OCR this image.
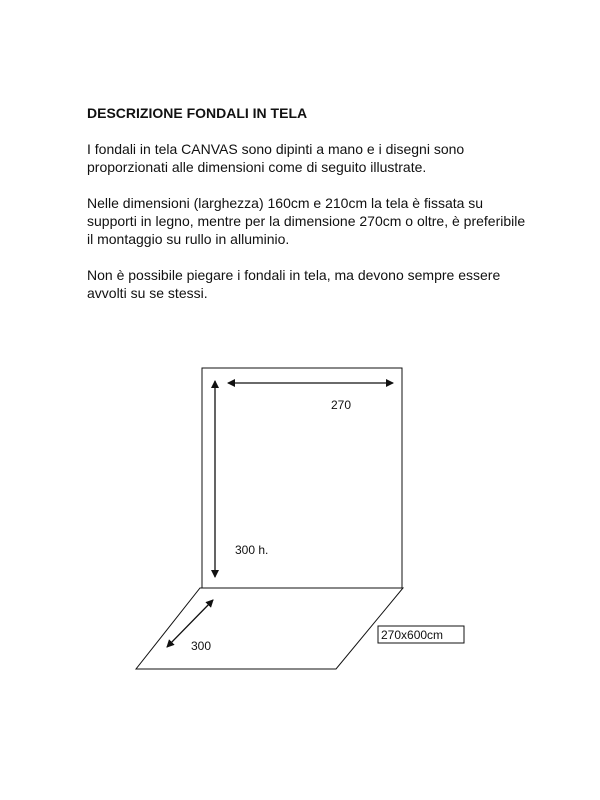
DESCRIZIONE FONDALI IN TELA

I fondali in tela CANVAS sono dipinti a mano e i disegni sono proporzionati alle dimensioni come di seguito illustrate.

Nelle dimensioni (larghezza) 160cm e 210cm la tela è fissata su supporti in legno, mentre per la dimensione 270cm o oltre, è preferibile il montaggio su rullo in alluminio.

Non è possibile piegare i fondali in tela, ma devono sempre essere avvolti su se stessi.

270
300 h.
300
270x600cm
